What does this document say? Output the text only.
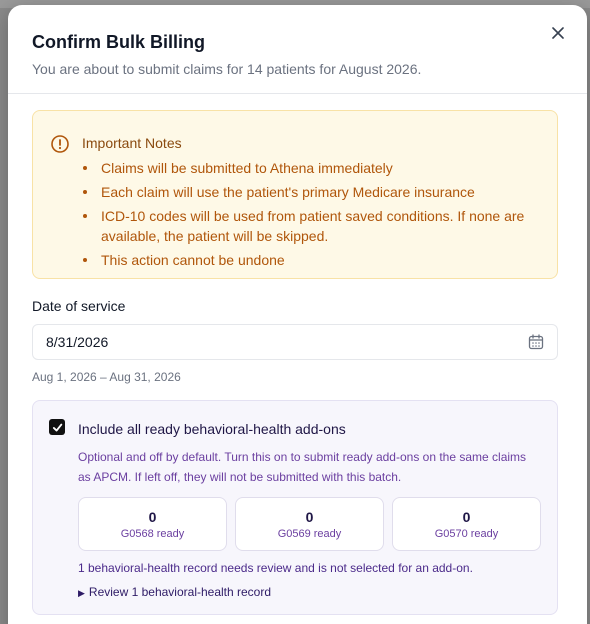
Confirm Bulk Billing
You are about to submit claims for 14 patients for August 2026.
Important Notes
Claims will be submitted to Athena immediately
Each claim will use the patient's primary Medicare insurance
ICD-10 codes will be used from patient saved conditions. If none are available, the patient will be skipped.
This action cannot be undone
Date of service
8/31/2026
Aug 1, 2026 – Aug 31, 2026
Include all ready behavioral-health add-ons
Optional and off by default. Turn this on to submit ready add-ons on the same claims as APCM. If left off, they will not be submitted with this batch.
0
G0568 ready
0
G0569 ready
0
G0570 ready
1 behavioral-health record needs review and is not selected for an add-on.
▶ Review 1 behavioral-health record
